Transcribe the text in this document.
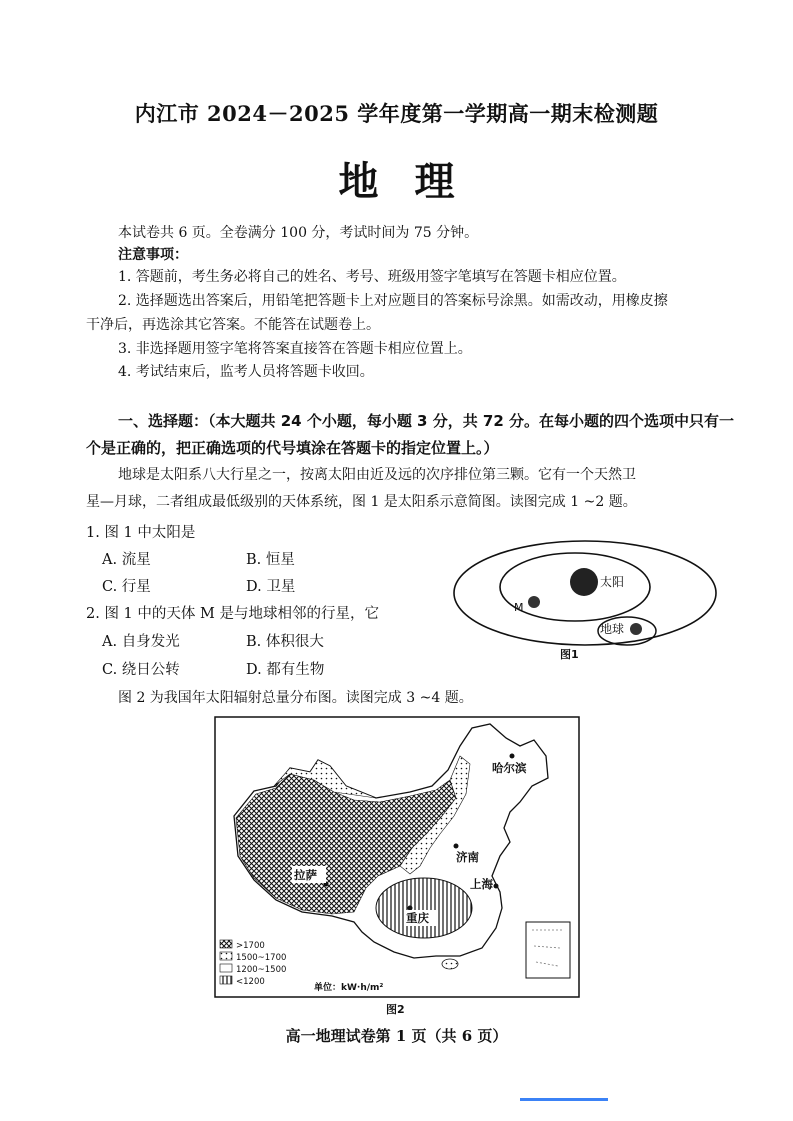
内江市 2024－2025 学年度第一学期高一期末检测题
地理
本试卷共 6 页。全卷满分 100 分，考试时间为 75 分钟。
注意事项：
1. 答题前，考生务必将自己的姓名、考号、班级用签字笔填写在答题卡相应位置。
2. 选择题选出答案后，用铅笔把答题卡上对应题目的答案标号涂黑。如需改动，用橡皮擦
干净后，再选涂其它答案。不能答在试题卷上。
3. 非选择题用签字笔将答案直接答在答题卡相应位置上。
4. 考试结束后，监考人员将答题卡收回。
一、选择题：（本大题共 24 个小题，每小题 3 分，共 72 分。在每小题的四个选项中只有一
个是正确的，把正确选项的代号填涂在答题卡的指定位置上。）
地球是太阳系八大行星之一，按离太阳由近及远的次序排位第三颗。它有一个天然卫
星—月球，二者组成最低级别的天体系统，图 1 是太阳系示意简图。读图完成 1 ~2 题。
1. 图 1 中太阳是
A. 流星	B. 恒星
C. 行星	D. 卫星
2. 图 1 中的天体 M 是与地球相邻的行星，它
A. 自身发光	B. 体积很大
C. 绕日公转	D. 都有生物
太阳
M
地球
图1
图 2 为我国年太阳辐射总量分布图。读图完成 3 ~4 题。
哈尔滨
济南
拉萨
上海
重庆
>1700
1500~1700
1200~1500
<1200
单位：kW·h/m²
图2
高一地理试卷第 1 页（共 6 页）
